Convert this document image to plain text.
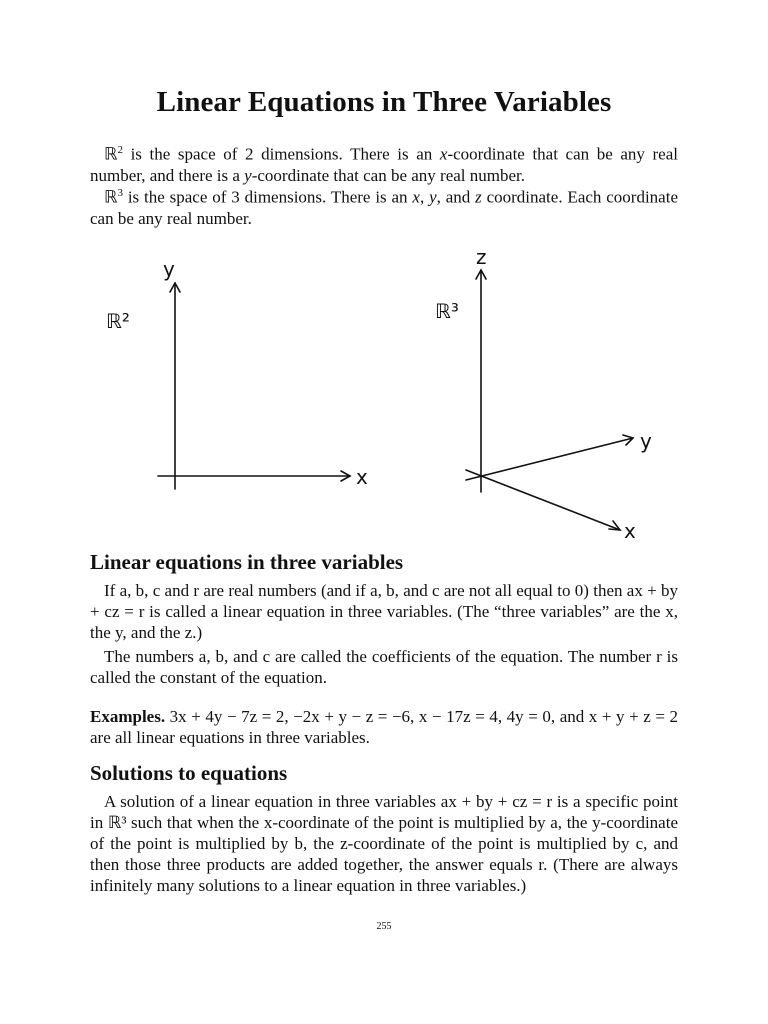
Linear Equations in Three Variables

ℝ$^2$ is the space of 2 dimensions. There is an x-coordinate that can be any real number, and there is a y-coordinate that can be any real number.

ℝ$^3$ is the space of 3 dimensions. There is an x, y, and z coordinate. Each coordinate can be any real number.

Linear equations in three variables

If a, b, c and r are real numbers (and if a, b, and c are not all equal to 0) then ax + by + cz = r is called a linear equation in three variables. (The “three variables” are the x, the y, and the z.)

The numbers a, b, and c are called the coefficients of the equation. The number r is called the constant of the equation.

Examples. 3x + 4y − 7z = 2, −2x + y − z = −6, x − 17z = 4, 4y = 0, and x + y + z = 2 are all linear equations in three variables.

Solutions to equations

A solution of a linear equation in three variables ax + by + cz = r is a specific point in ℝ³ such that when the x-coordinate of the point is multiplied by a, the y-coordinate of the point is multiplied by b, the z-coordinate of the point is multiplied by c, and then those three products are added together, the answer equals r. (There are always infinitely many solutions to a linear equation in three variables.)

255
y
x
ℝ²
z
y
x
ℝ³
